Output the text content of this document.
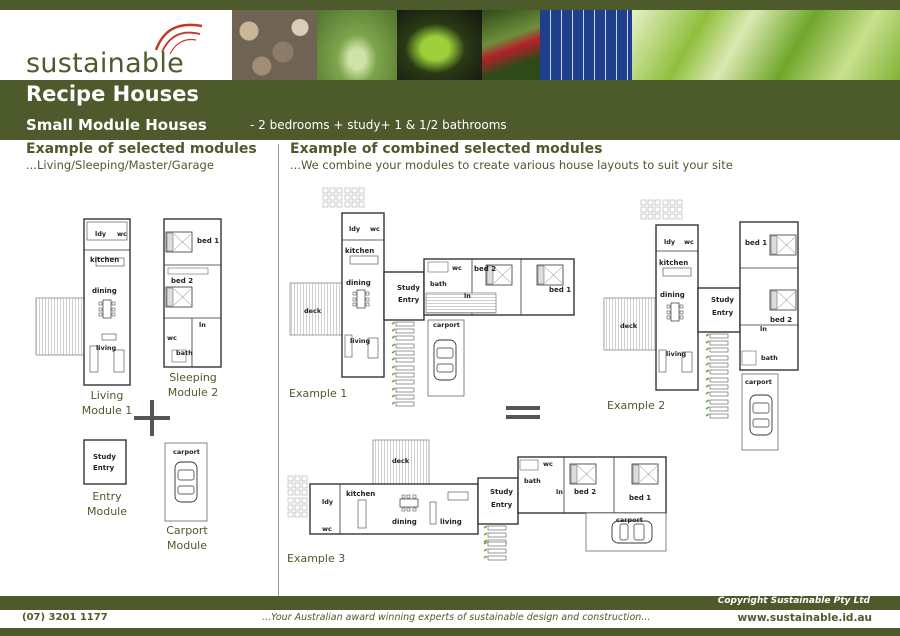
sustainable
Recipe Houses
Small Module Houses	- 2 bedrooms + study+ 1 & 1/2 bathrooms
Example of selected modules
...Living/Sleeping/Master/Garage
Example of combined selected modules
...We combine your modules to create various house layouts to suit your site
ldy wc
kitchen
dining
living
bed 1
bed 2
ln
wc
bath
Study
Entry
carport
ldy wc
kitchen
dining
living
deck
Study
Entry
bath
wc bed 2
bed 1
ln
carport
ldy wc
kitchen
dining
living
deck
Study
Entry
bed 1
bed 2
ln
bath
carport
ldy
wc
kitchen
dining	living
deck
Study
Entry
bath
wc
ln bed 2
bed 1
carport
Living
Module 1
Sleeping
Module 2
Entry
Module
Carport
Module
Example 1
Example 2
Example 3
Copyright Sustainable Pty Ltd
(07) 3201 1177	...Your Australian award winning experts of sustainable design and construction...	www.sustainable.id.au
